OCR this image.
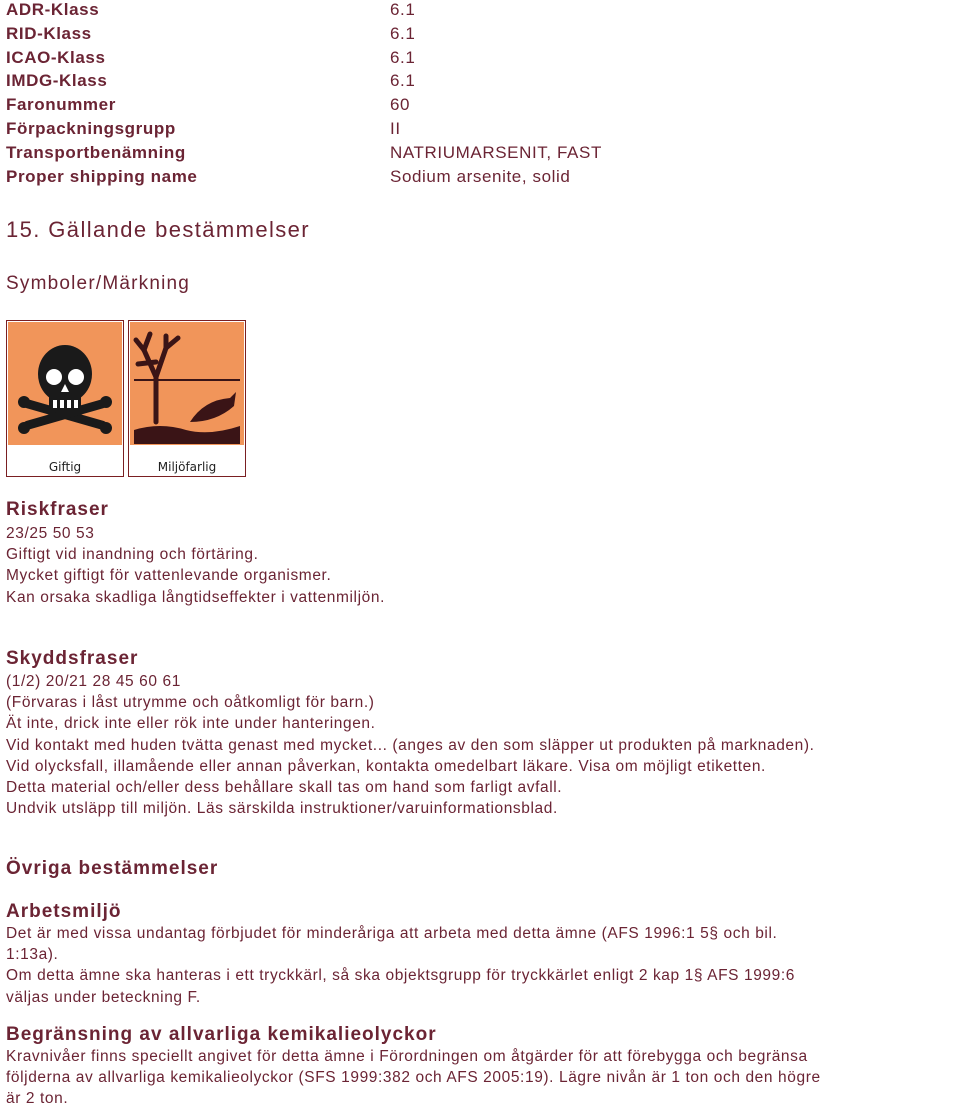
ADR-Klass	6.1
RID-Klass	6.1
ICAO-Klass	6.1
IMDG-Klass	6.1
Faronummer	60
Förpackningsgrupp	II
Transportbenämning	NATRIUMARSENIT, FAST
Proper shipping name	Sodium arsenite, solid
15. Gällande bestämmelser
Symboler/Märkning
Giftig	Miljöfarlig
Riskfraser
23/25 50 53
Giftigt vid inandning och förtäring.
Mycket giftigt för vattenlevande organismer.
Kan orsaka skadliga långtidseffekter i vattenmiljön.
Skyddsfraser
(1/2) 20/21 28 45 60 61
(Förvaras i låst utrymme och oåtkomligt för barn.)
Ät inte, drick inte eller rök inte under hanteringen.
Vid kontakt med huden tvätta genast med mycket... (anges av den som släpper ut produkten på marknaden).
Vid olycksfall, illamående eller annan påverkan, kontakta omedelbart läkare. Visa om möjligt etiketten.
Detta material och/eller dess behållare skall tas om hand som farligt avfall.
Undvik utsläpp till miljön. Läs särskilda instruktioner/varuinformationsblad.
Övriga bestämmelser
Arbetsmiljö
Det är med vissa undantag förbjudet för minderåriga att arbeta med detta ämne (AFS 1996:1 5§ och bil.
1:13a).
Om detta ämne ska hanteras i ett tryckkärl, så ska objektsgrupp för tryckkärlet enligt 2 kap 1§ AFS 1999:6
väljas under beteckning F.
Begränsning av allvarliga kemikalieolyckor
Kravnivåer finns speciellt angivet för detta ämne i Förordningen om åtgärder för att förebygga och begränsa
följderna av allvarliga kemikalieolyckor (SFS 1999:382 och AFS 2005:19). Lägre nivån är 1 ton och den högre
är 2 ton.
